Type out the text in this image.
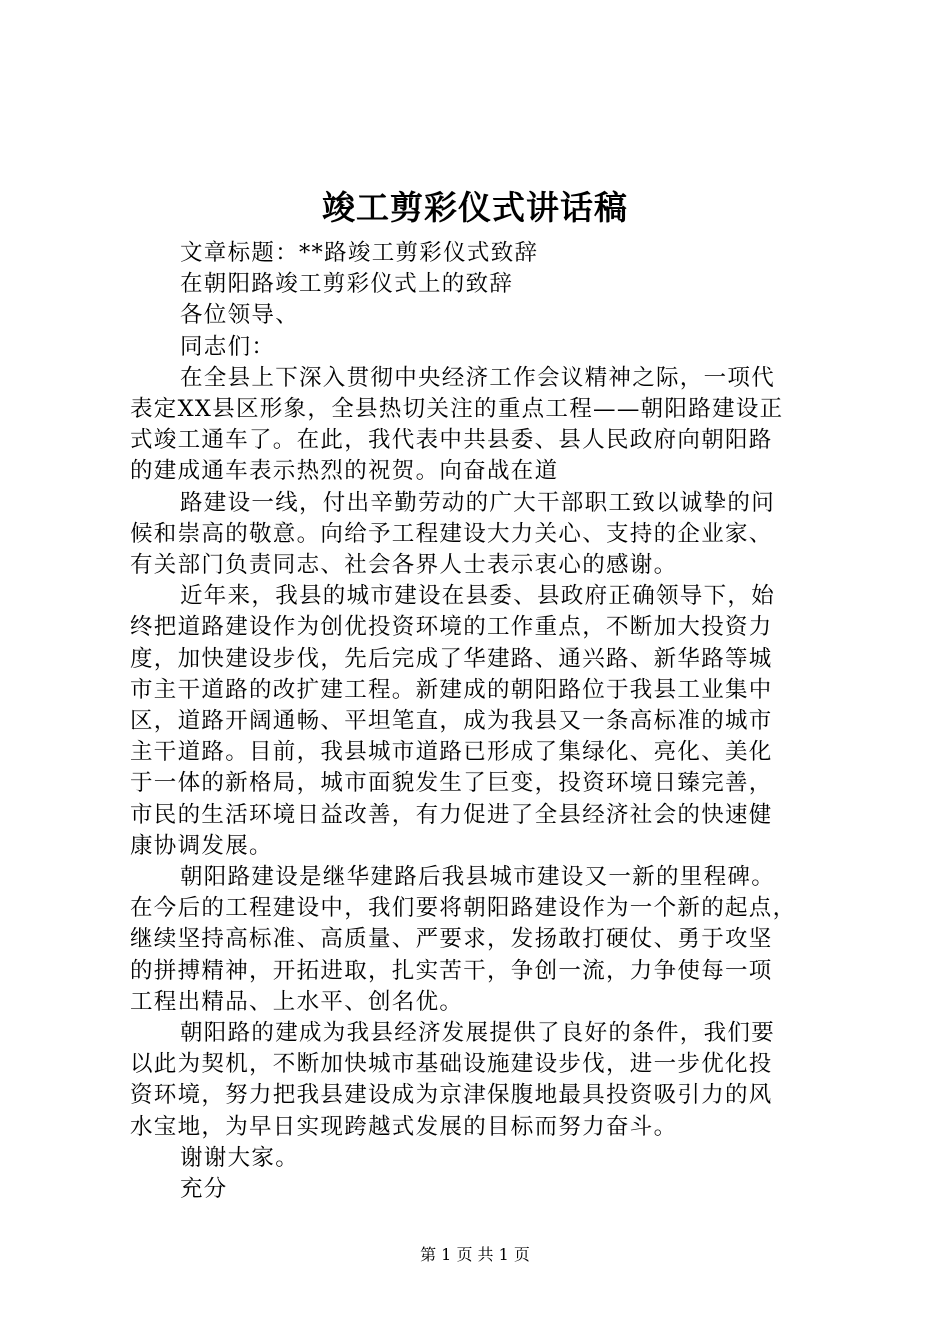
竣工剪彩仪式讲话稿
文章标题：**路竣工剪彩仪式致辞
在朝阳路竣工剪彩仪式上的致辞
各位领导、
同志们：
在全县上下深入贯彻中央经济工作会议精神之际，一项代
表定XX县区形象，全县热切关注的重点工程——朝阳路建设正
式竣工通车了。在此，我代表中共县委、县人民政府向朝阳路
的建成通车表示热烈的祝贺。向奋战在道
路建设一线，付出辛勤劳动的广大干部职工致以诚挚的问
候和崇高的敬意。向给予工程建设大力关心、支持的企业家、
有关部门负责同志、社会各界人士表示衷心的感谢。
近年来，我县的城市建设在县委、县政府正确领导下，始
终把道路建设作为创优投资环境的工作重点，不断加大投资力
度，加快建设步伐，先后完成了华建路、通兴路、新华路等城
市主干道路的改扩建工程。新建成的朝阳路位于我县工业集中
区，道路开阔通畅、平坦笔直，成为我县又一条高标准的城市
主干道路。目前，我县城市道路已形成了集绿化、亮化、美化
于一体的新格局，城市面貌发生了巨变，投资环境日臻完善，
市民的生活环境日益改善，有力促进了全县经济社会的快速健
康协调发展。
朝阳路建设是继华建路后我县城市建设又一新的里程碑。
在今后的工程建设中，我们要将朝阳路建设作为一个新的起点，
继续坚持高标准、高质量、严要求，发扬敢打硬仗、勇于攻坚
的拼搏精神，开拓进取，扎实苦干，争创一流，力争使每一项
工程出精品、上水平、创名优。
朝阳路的建成为我县经济发展提供了良好的条件，我们要
以此为契机，不断加快城市基础设施建设步伐，进一步优化投
资环境，努力把我县建设成为京津保腹地最具投资吸引力的风
水宝地，为早日实现跨越式发展的目标而努力奋斗。
谢谢大家。
充分
第 1 页 共 1 页
